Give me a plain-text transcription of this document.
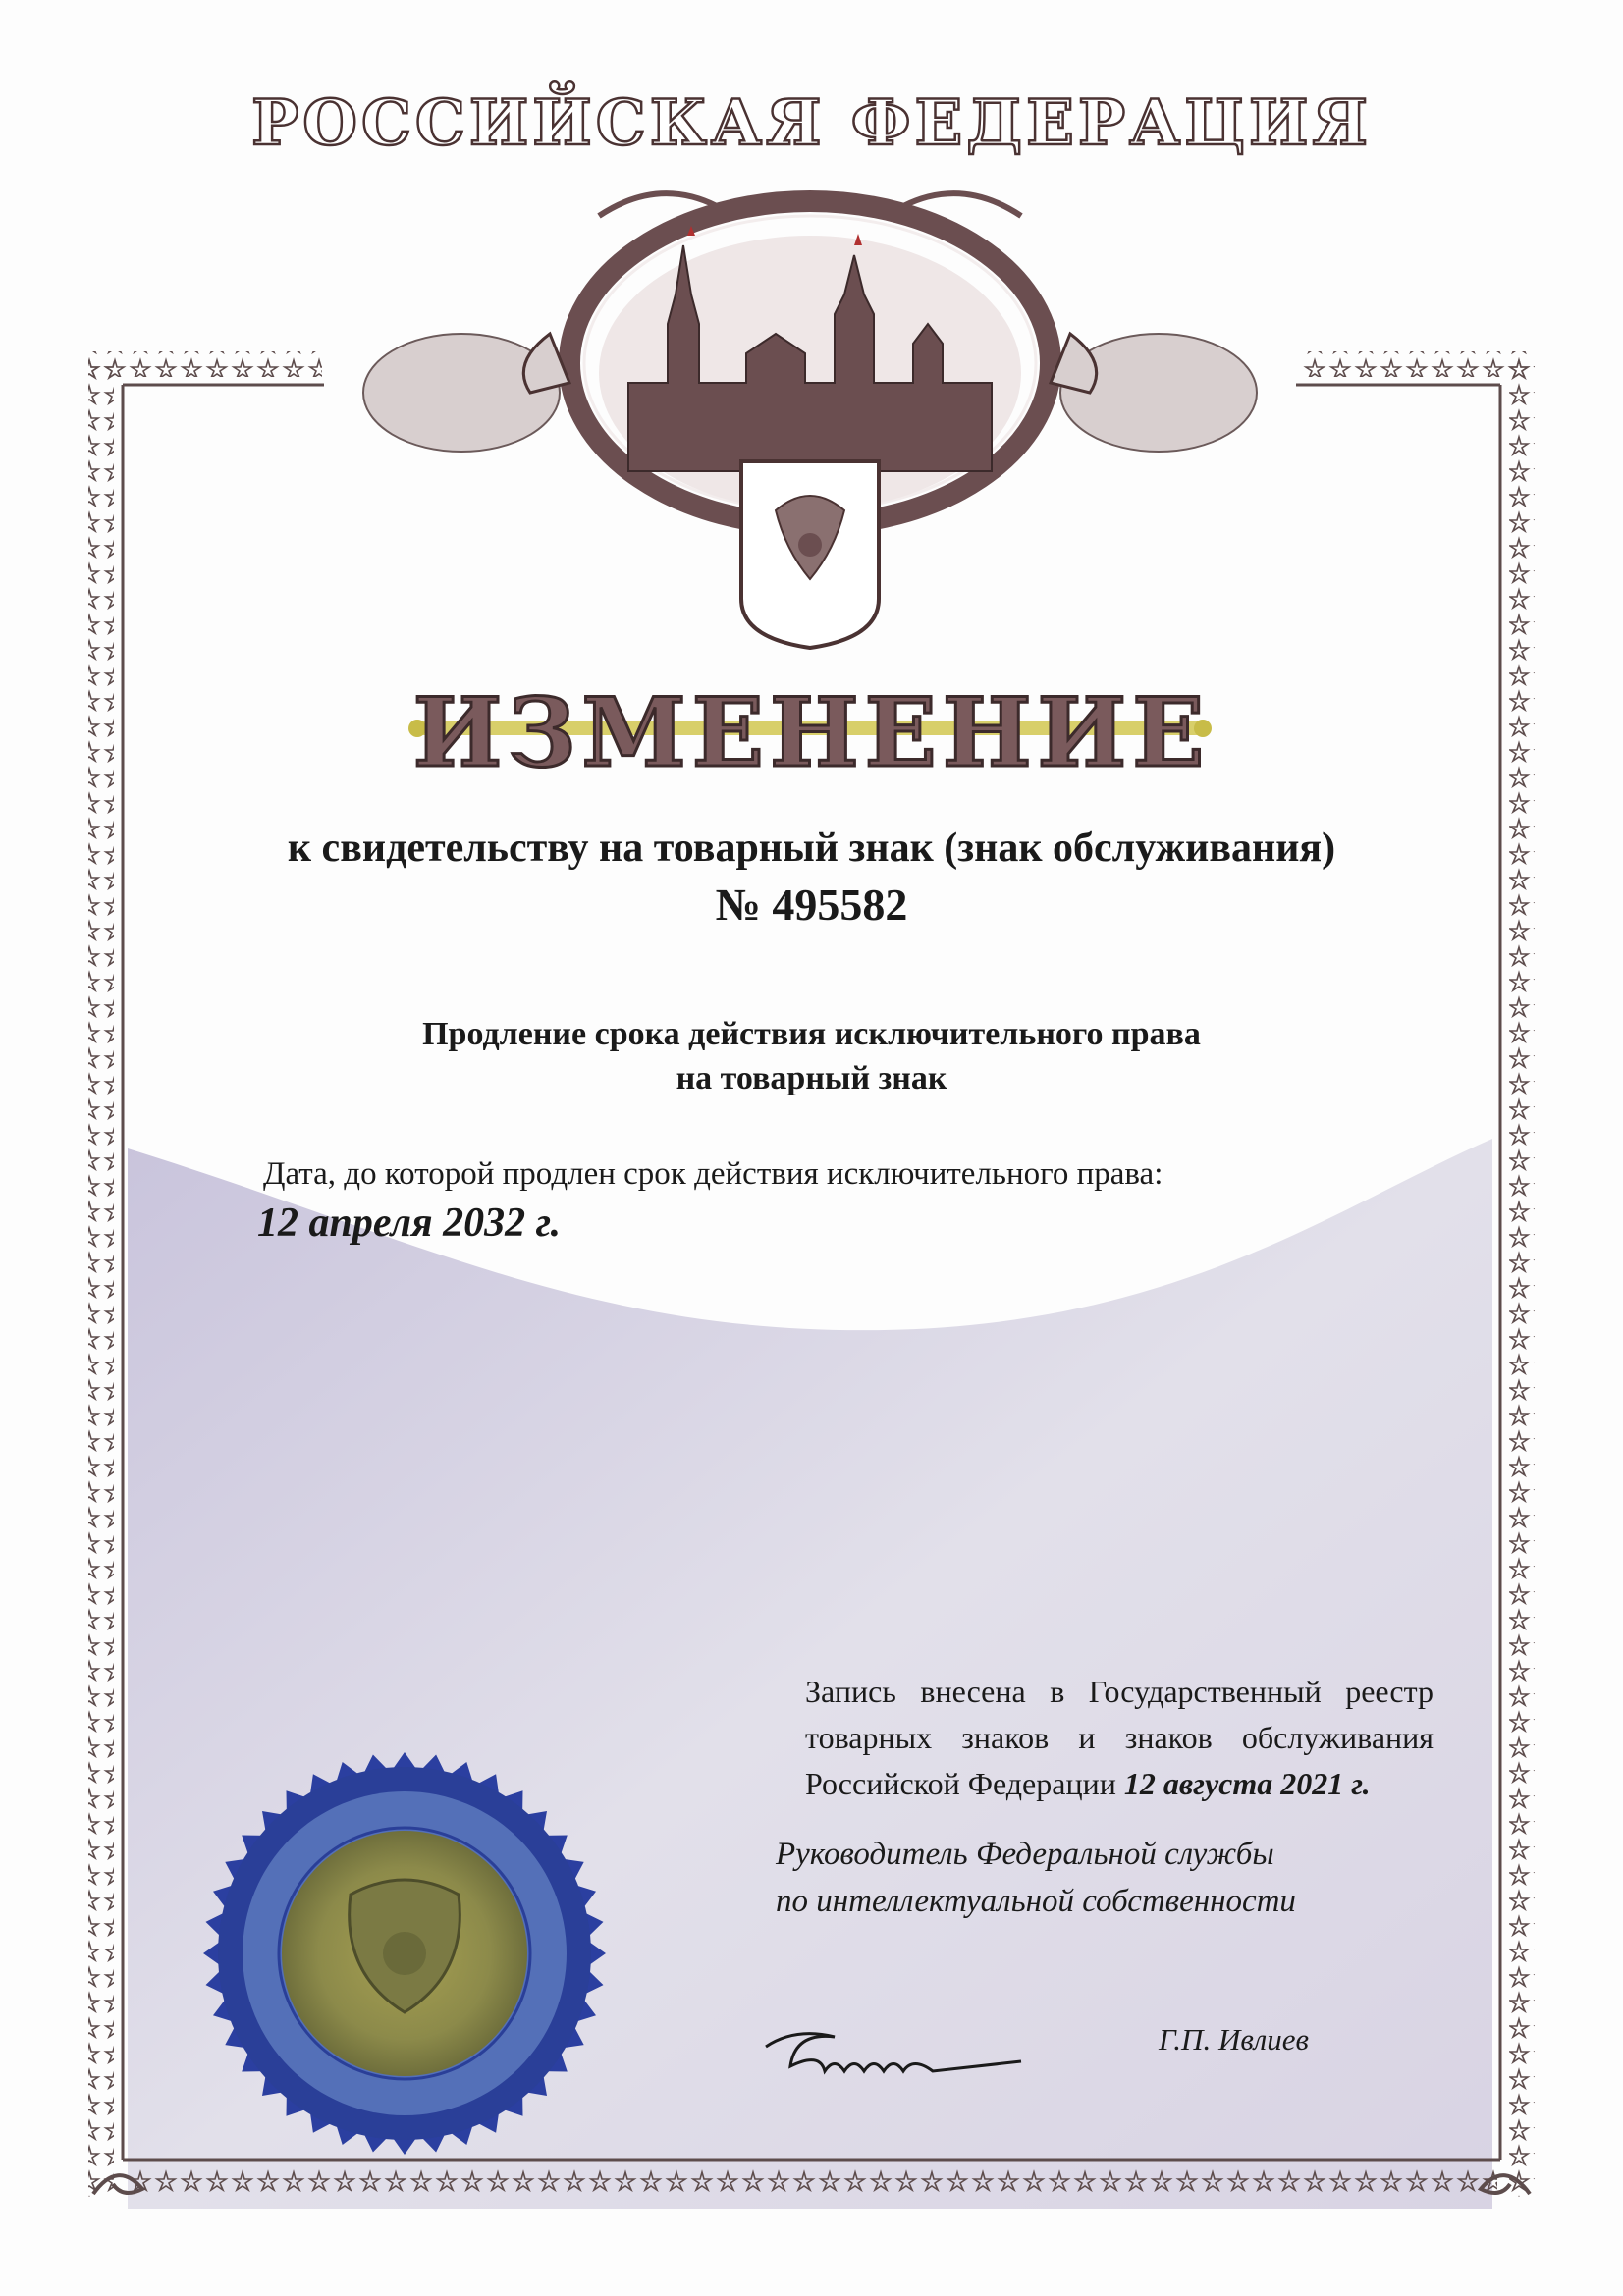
РОССИЙСКАЯ ФЕДЕРАЦИЯ
ИЗМЕНЕНИЕ
к свидетельству на товарный знак (знак обслуживания)
№ 495582
Продление срока действия исключительного права
на товарный знак
Дата, до которой продлен срок действия исключительного права:
12 апреля 2032 г.
Запись внесена в Государственный реестр товарных знаков и знаков обслуживания Российской Федерации 12 августа 2021 г.
Руководитель Федеральной службы
по интеллектуальной собственности
Г.П. Ивлиев
